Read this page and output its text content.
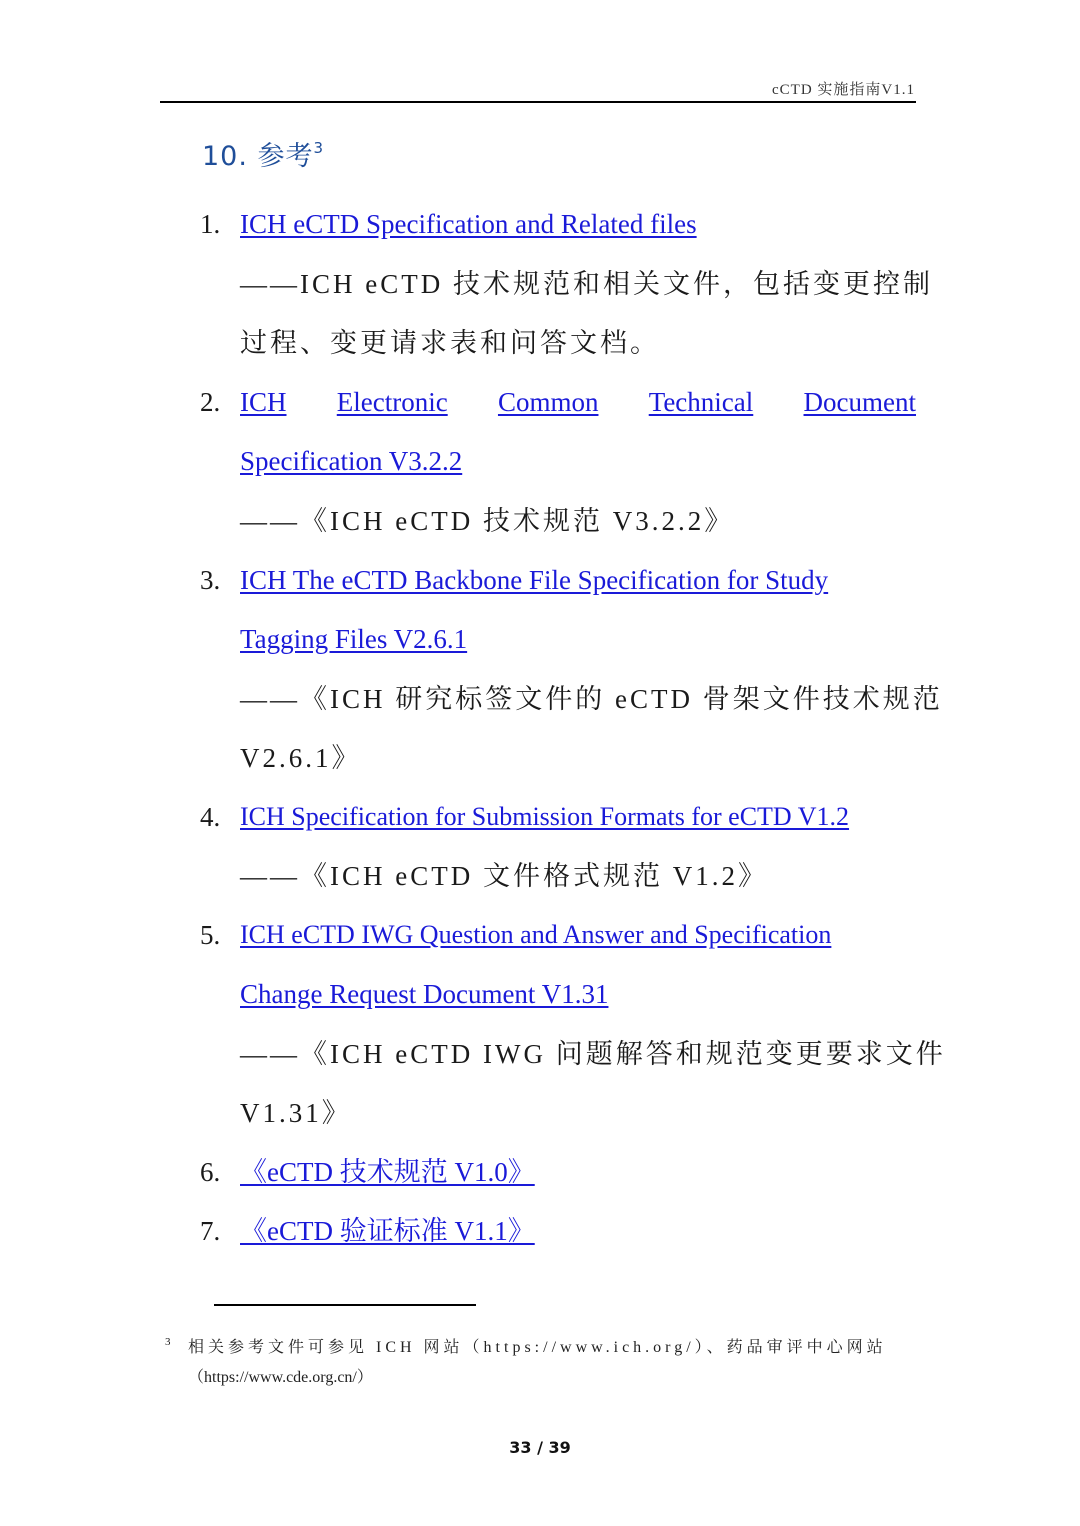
cCTD 实施指南V1.1
10. 参考$^3$
1. ICH eCTD Specification and Related files
——ICH eCTD 技术规范和相关文件，包括变更控制
过程、变更请求表和问答文档。
2. ICH Electronic Common Technical Document
Specification V3.2.2
——《ICH eCTD 技术规范 V3.2.2》
3. ICH The eCTD Backbone File Specification for Study
Tagging Files V2.6.1
——《ICH 研究标签文件的 eCTD 骨架文件技术规范
V2.6.1》
4. ICH Specification for Submission Formats for eCTD V1.2
——《ICH eCTD 文件格式规范 V1.2》
5. ICH eCTD IWG Question and Answer and Specification
Change Request Document V1.31
——《ICH eCTD IWG 问题解答和规范变更要求文件
V1.31》
6. 《eCTD 技术规范 V1.0》
7. 《eCTD 验证标准 V1.1》
3 相关参考文件可参见 ICH 网站（https://www.ich.org/）、药品审评中心网站
（https://www.cde.org.cn/）
33 / 39
